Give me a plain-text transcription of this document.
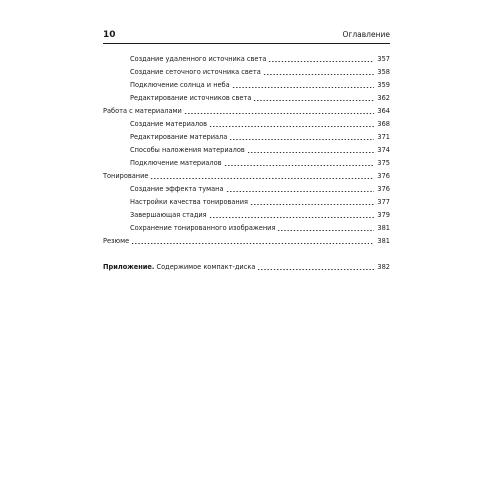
10	Оглавление
Создание удаленного источника света	357
Создание сеточного источника света	358
Подключение солнца и неба	359
Редактирование источников света	362
Работа с материалами	364
Создание материалов	368
Редактирование материала	371
Способы наложения материалов	374
Подключение материалов	375
Тонирование	376
Создание эффекта тумана	376
Настройки качества тонирования	377
Завершающая стадия	379
Сохранение тонированного изображения	381
Резюме	381
Приложение. Содержимое компакт-диска	382
